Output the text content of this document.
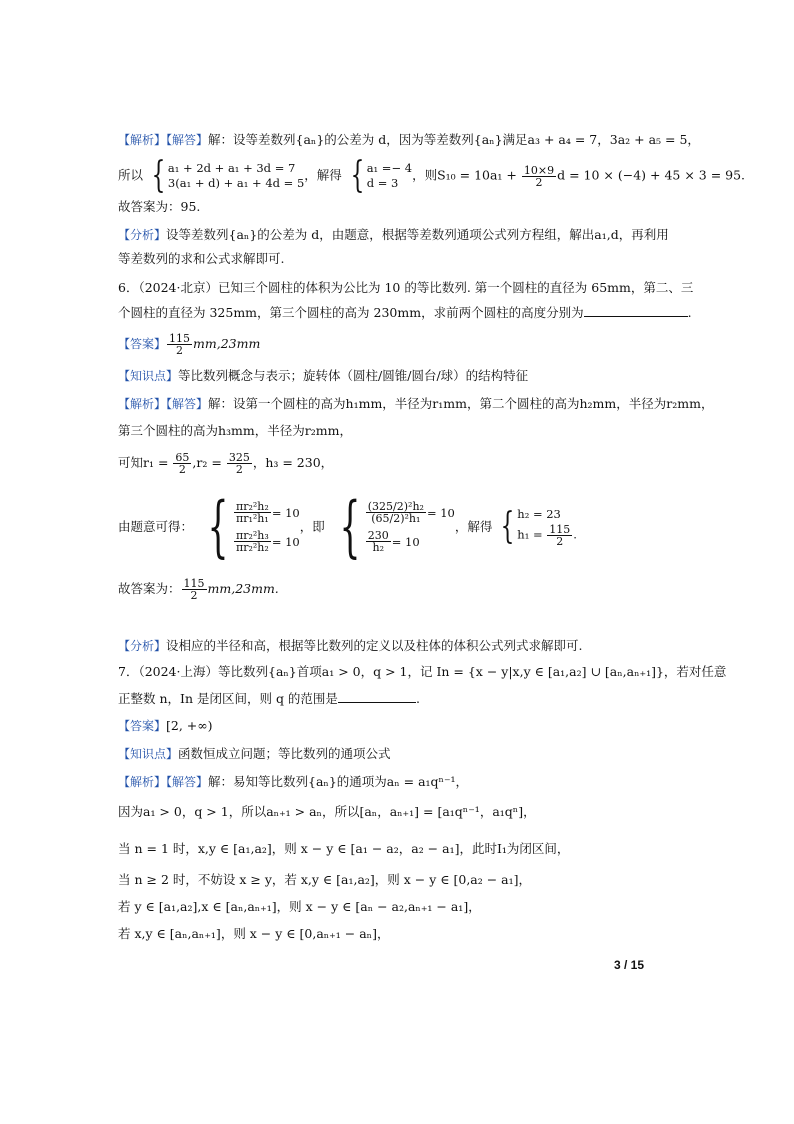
【解析】【解答】解：设等差数列{aₙ}的公差为 d，因为等差数列{aₙ}满足a₃ + a₄ = 7，3a₂ + a₅ = 5，
所以 { a₁ + 2d + a₁ + 3d = 7
3(a₁ + d) + a₁ + 4d = 5
，解得 { a₁ =− 4
d = 3
，则$S_{10} = 10a_1 + \frac{10\times 9}{2}$ d = 10 × (−4) + 45 × 3 = 95.
故答案为：95.
【分析】设等差数列{aₙ}的公差为 d，由题意，根据等差数列通项公式列方程组，解出a₁,d，再利用
等差数列的求和公式求解即可.
6．（2024·北京）已知三个圆柱的体积为公比为 10 的等比数列. 第一个圆柱的直径为 65mm，第二、三
个圆柱的直径为 325mm，第三个圆柱的高为 230mm，求前两个圆柱的高度分别为	.
【答案】 $\frac{115}{2} mm,23mm$
【知识点】等比数列概念与表示；旋转体（圆柱/圆锥/圆台/球）的结构特征
【解析】【解答】解：设第一个圆柱的高为h₁mm，半径为r₁mm，第二个圆柱的高为h₂mm，半径为r₂mm，
第三个圆柱的高为h₃mm，半径为r₂mm，
可知$r_1 = \frac{65}{2} ,r_2 = \frac{325}{2}$ ，h₃ = 230，
由题意可得： { $\frac{\text{πr₂²h₂}}{\text{πr₁²h₁}} = 10$
$\frac{\text{πr₂²h₃}}{\text{πr₂²h₂}} = 10$
，即 { $\frac{\text{(325/2)²h₂}}{\text{(65/2)²h₁}} = 10$
$\frac{230}{\text{h₂}} = 10$
，解得 { h₂ = 23
$h_1 = \frac{115}{2}$ .
故答案为： $\frac{115}{2} mm,23mm$.
【分析】设相应的半径和高，根据等比数列的定义以及柱体的体积公式列式求解即可.
7．（2024·上海）等比数列{aₙ}首项a₁ > 0，q > 1，记 In = {x − y|x,y ∈ [a₁,a₂] ∪ [aₙ,aₙ₊₁]}，若对任意
正整数 n，In 是闭区间，则 q 的范围是	.
【答案】[2, +∞)
【知识点】函数恒成立问题；等比数列的通项公式
【解析】【解答】解：易知等比数列{aₙ}的通项为aₙ = a₁qⁿ⁻¹，
因为a₁ > 0，q > 1，所以aₙ₊₁ > aₙ，所以[aₙ，aₙ₊₁] = [a₁qⁿ⁻¹，a₁qⁿ]，
当 n = 1 时，x,y ∈ [a₁,a₂]，则 x − y ∈ [a₁ − a₂，a₂ − a₁]，此时I₁为闭区间，
当 n ≥ 2 时，不妨设 x ≥ y，若 x,y ∈ [a₁,a₂]，则 x − y ∈ [0,a₂ − a₁]，
若 y ∈ [a₁,a₂],x ∈ [aₙ,aₙ₊₁]，则 x − y ∈ [aₙ − a₂,aₙ₊₁ − a₁]，
若 x,y ∈ [aₙ,aₙ₊₁]，则 x − y ∈ [0,aₙ₊₁ − aₙ]，
3 / 15
